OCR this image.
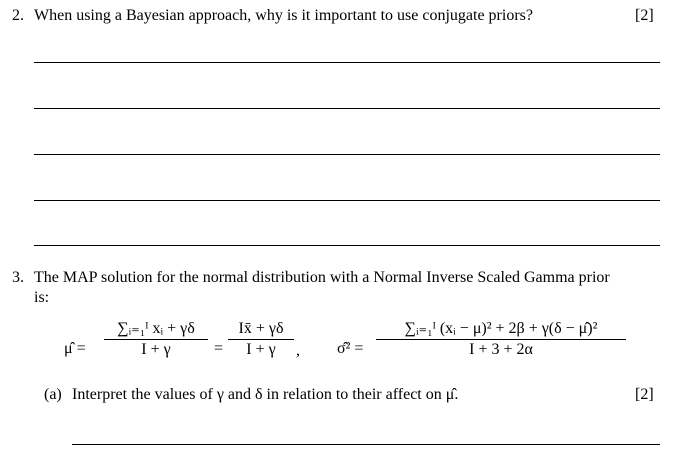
2. When using a Bayesian approach, why is it important to use conjugate priors?	[2]
3. The MAP solution for the normal distribution with a Normal Inverse Scaled Gamma prior
is:
μ̂ =
∑ᵢ₌₁ᴵ xᵢ + γδ
I + γ	=
Ix̄ + γδ
I + γ	, σ̂² =
∑ᵢ₌₁ᴵ (xᵢ − μ)² + 2β + γ(δ − μ̂)²
I + 3 + 2α
(a) Interpret the values of γ and δ in relation to their affect on μ̂.	[2]
